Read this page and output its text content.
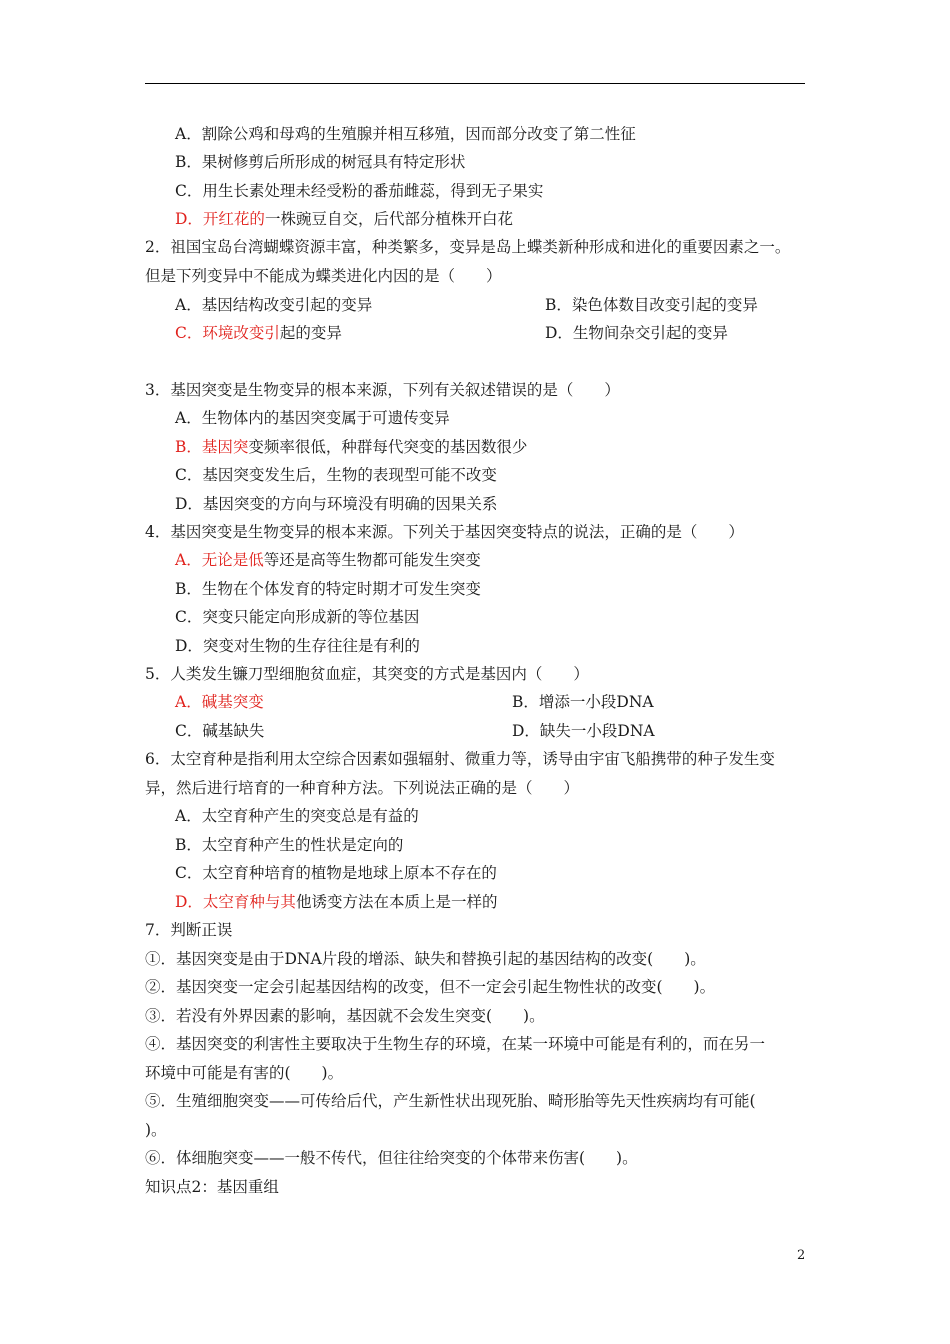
A．割除公鸡和母鸡的生殖腺并相互移殖，因而部分改变了第二性征
B．果树修剪后所形成的树冠具有特定形状
C．用生长素处理未经受粉的番茄雌蕊，得到无子果实
D．开红花的一株豌豆自交，后代部分植株开白花
2．祖国宝岛台湾蝴蝶资源丰富，种类繁多，变异是岛上蝶类新种形成和进化的重要因素之一。
但是下列变异中不能成为蝶类进化内因的是（　　）
A．基因结构改变引起的变异	B．染色体数目改变引起的变异
C．环境改变引起的变异	D．生物间杂交引起的变异
3．基因突变是生物变异的根本来源，下列有关叙述错误的是（　　）
A．生物体内的基因突变属于可遗传变异
B．基因突变频率很低，种群每代突变的基因数很少
C．基因突变发生后，生物的表现型可能不改变
D．基因突变的方向与环境没有明确的因果关系
4．基因突变是生物变异的根本来源。下列关于基因突变特点的说法，正确的是（　　）
A．无论是低等还是高等生物都可能发生突变
B．生物在个体发育的特定时期才可发生突变
C．突变只能定向形成新的等位基因
D．突变对生物的生存往往是有利的
5．人类发生镰刀型细胞贫血症，其突变的方式是基因内（　　）
A．碱基突变	B．增添一小段DNA
C．碱基缺失	D．缺失一小段DNA
6．太空育种是指利用太空综合因素如强辐射、微重力等，诱导由宇宙飞船携带的种子发生变
异，然后进行培育的一种育种方法。下列说法正确的是（　　）
A．太空育种产生的突变总是有益的
B．太空育种产生的性状是定向的
C．太空育种培育的植物是地球上原本不存在的
D．太空育种与其他诱变方法在本质上是一样的
7．判断正误
①．基因突变是由于DNA片段的增添、缺失和替换引起的基因结构的改变(　　)。
②．基因突变一定会引起基因结构的改变，但不一定会引起生物性状的改变(　　)。
③．若没有外界因素的影响，基因就不会发生突变(　　)。
④．基因突变的利害性主要取决于生物生存的环境，在某一环境中可能是有利的，而在另一
环境中可能是有害的(　　)。
⑤．生殖细胞突变——可传给后代，产生新性状出现死胎、畸形胎等先天性疾病均有可能(
)。
⑥．体细胞突变——一般不传代，但往往给突变的个体带来伤害(　　)。
知识点2：基因重组
2
